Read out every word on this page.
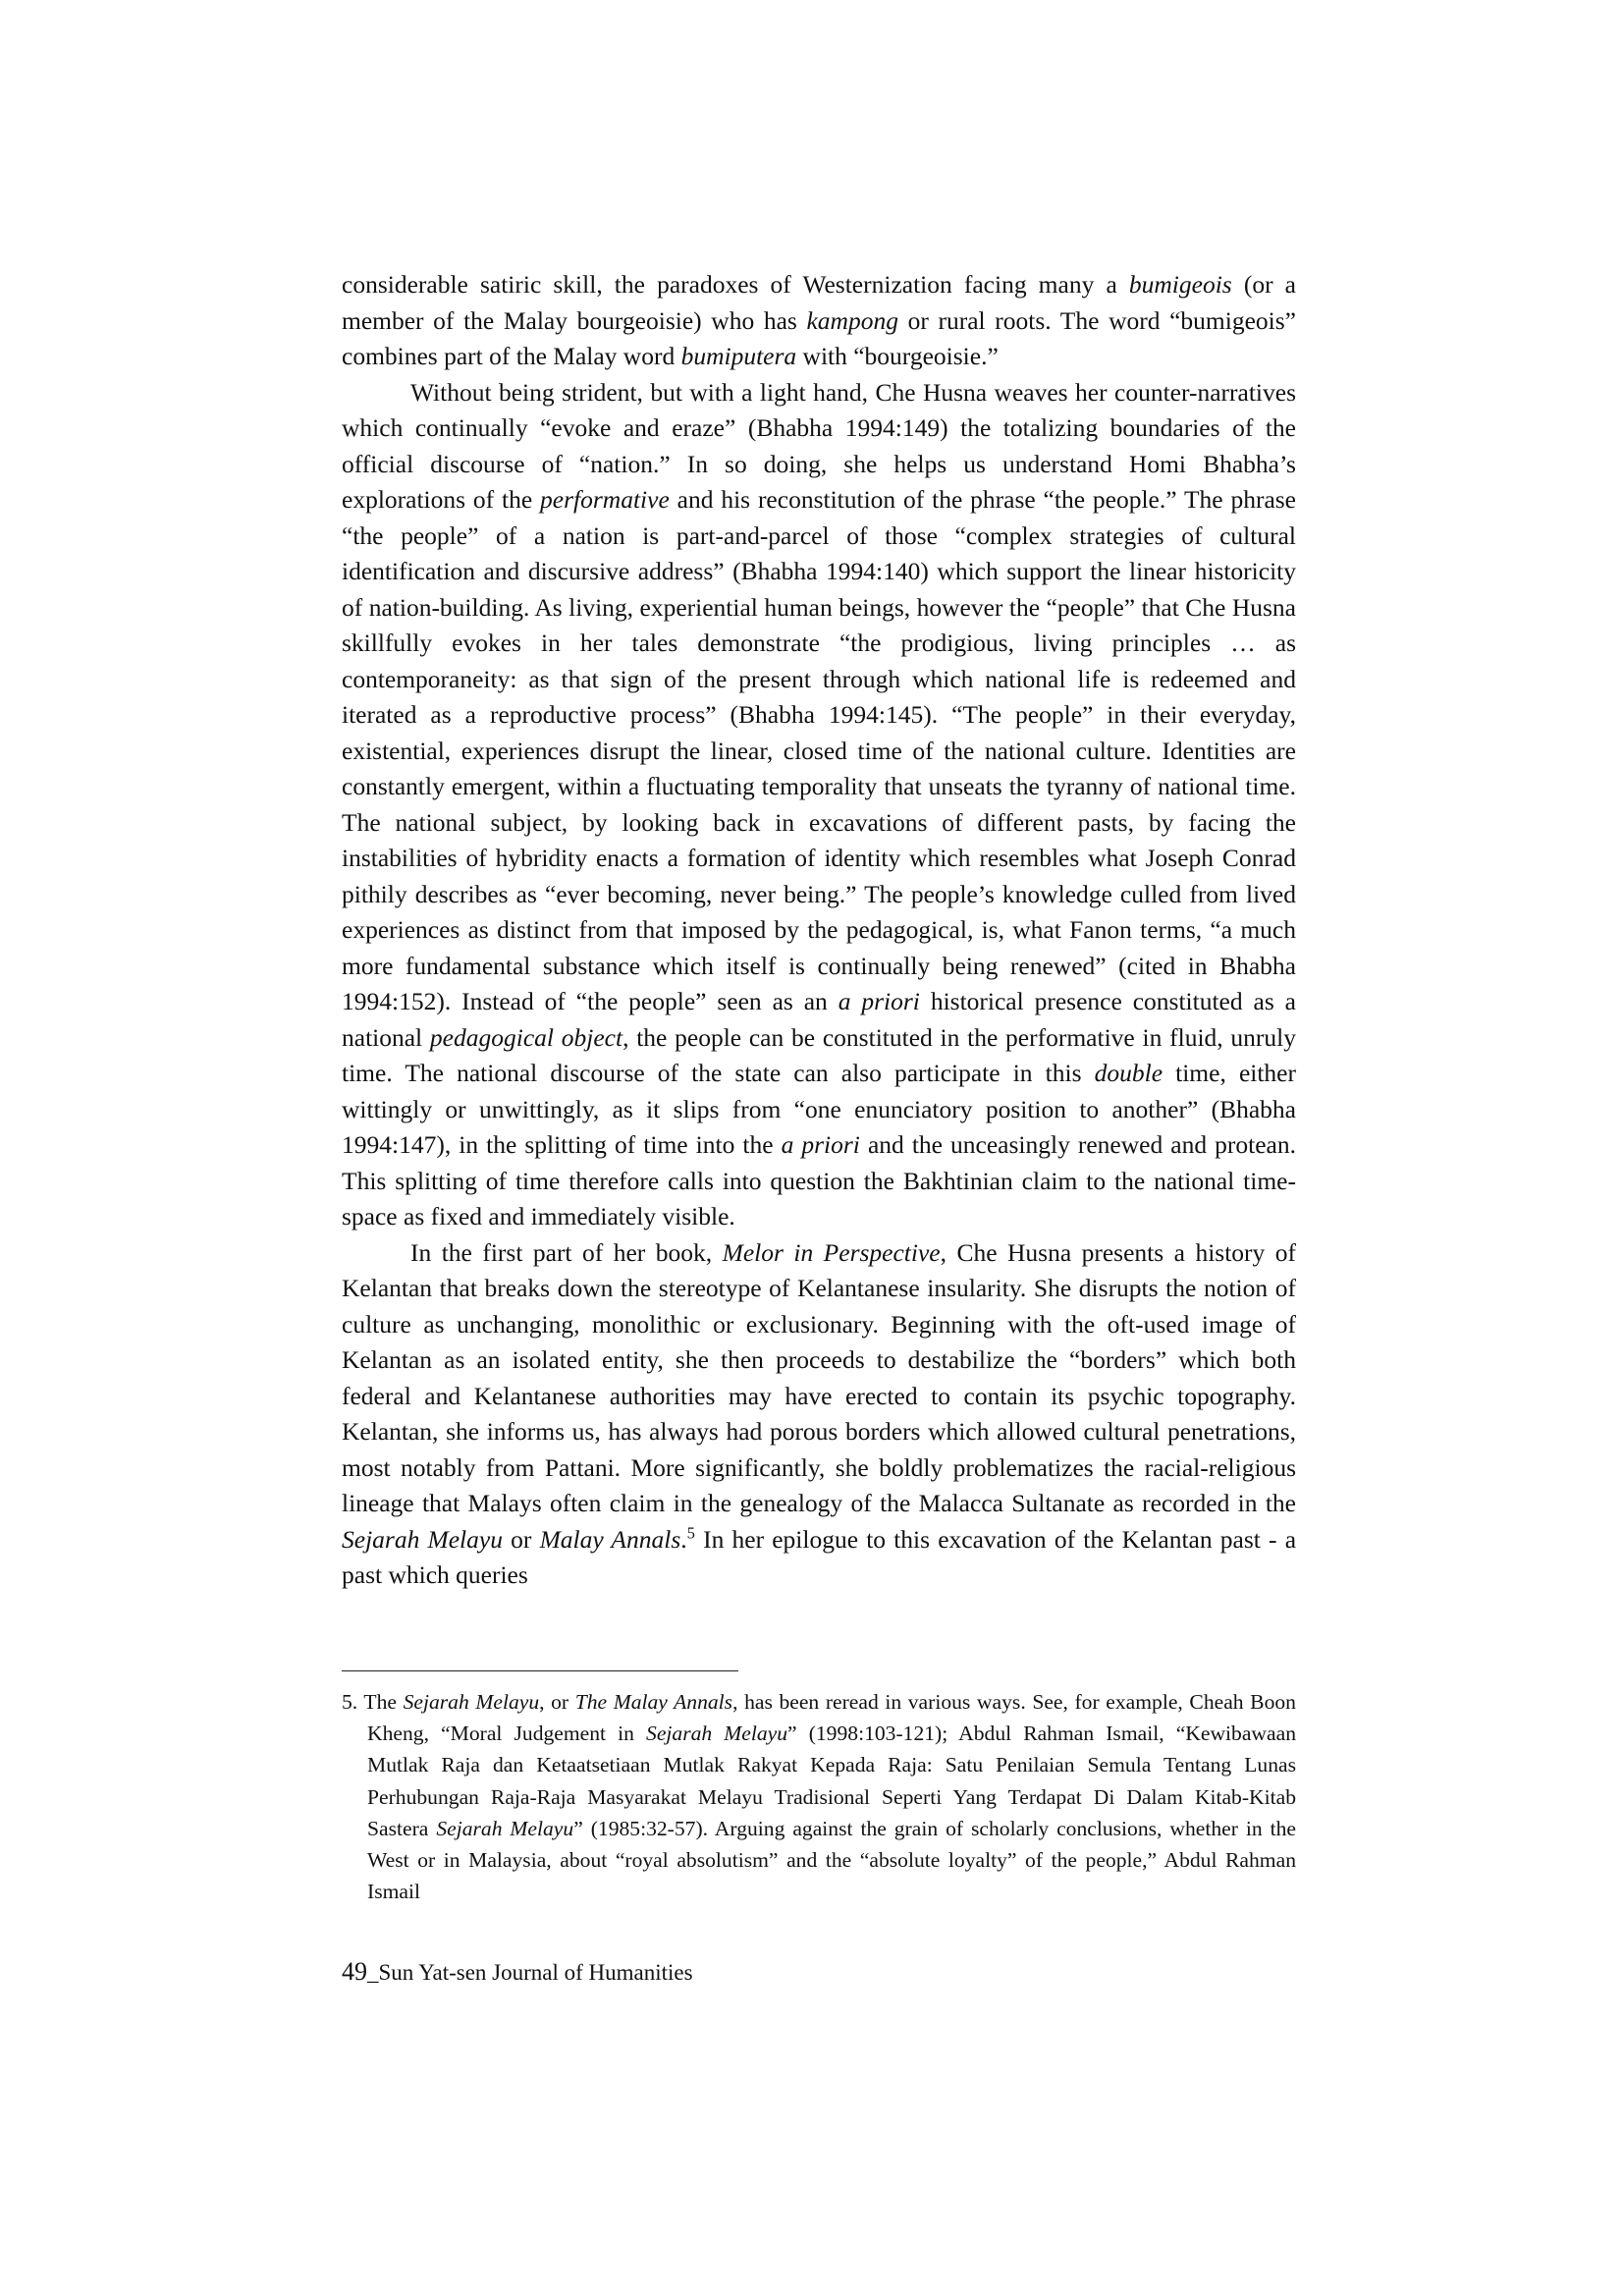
considerable satiric skill, the paradoxes of Westernization facing many a bumigeois (or a member of the Malay bourgeoisie) who has kampong or rural roots. The word “bumigeois” combines part of the Malay word bumiputera with “bourgeoisie.”

Without being strident, but with a light hand, Che Husna weaves her counter-narratives which continually “evoke and eraze” (Bhabha 1994:149) the totalizing boundaries of the official discourse of “nation.” In so doing, she helps us understand Homi Bhabha’s explorations of the performative and his reconstitution of the phrase “the people.” The phrase “the people” of a nation is part-and-parcel of those “complex strategies of cultural identification and discursive address” (Bhabha 1994:140) which support the linear historicity of nation-building. As living, experiential human beings, however the “people” that Che Husna skillfully evokes in her tales demonstrate “the prodigious, living principles … as contemporaneity: as that sign of the present through which national life is redeemed and iterated as a reproductive process” (Bhabha 1994:145). “The people” in their everyday, existential, experiences disrupt the linear, closed time of the national culture. Identities are constantly emergent, within a fluctuating temporality that unseats the tyranny of national time. The national subject, by looking back in excavations of different pasts, by facing the instabilities of hybridity enacts a formation of identity which resembles what Joseph Conrad pithily describes as “ever becoming, never being.” The people’s knowledge culled from lived experiences as distinct from that imposed by the pedagogical, is, what Fanon terms, “a much more fundamental substance which itself is continually being renewed” (cited in Bhabha 1994:152). Instead of “the people” seen as an a priori historical presence constituted as a national pedagogical object, the people can be constituted in the performative in fluid, unruly time. The national discourse of the state can also participate in this double time, either wittingly or unwittingly, as it slips from “one enunciatory position to another” (Bhabha 1994:147), in the splitting of time into the a priori and the unceasingly renewed and protean. This splitting of time therefore calls into question the Bakhtinian claim to the national time-space as fixed and immediately visible.

In the first part of her book, Melor in Perspective, Che Husna presents a history of Kelantan that breaks down the stereotype of Kelantanese insularity. She disrupts the notion of culture as unchanging, monolithic or exclusionary. Beginning with the oft-used image of Kelantan as an isolated entity, she then proceeds to destabilize the “borders” which both federal and Kelantanese authorities may have erected to contain its psychic topography. Kelantan, she informs us, has always had porous borders which allowed cultural penetrations, most notably from Pattani. More significantly, she boldly problematizes the racial-religious lineage that Malays often claim in the genealogy of the Malacca Sultanate as recorded in the Sejarah Melayu or Malay Annals.$^5$ In her epilogue to this excavation of the Kelantan past - a past which queries

5. The Sejarah Melayu, or The Malay Annals, has been reread in various ways. See, for example, Cheah Boon Kheng, “Moral Judgement in Sejarah Melayu” (1998:103-121); Abdul Rahman Ismail, “Kewibawaan Mutlak Raja dan Ketaatsetiaan Mutlak Rakyat Kepada Raja: Satu Penilaian Semula Tentang Lunas Perhubungan Raja-Raja Masyarakat Melayu Tradisional Seperti Yang Terdapat Di Dalam Kitab-Kitab Sastera Sejarah Melayu” (1985:32-57). Arguing against the grain of scholarly conclusions, whether in the West or in Malaysia, about “royal absolutism” and the “absolute loyalty” of the people,” Abdul Rahman Ismail

49_Sun Yat-sen Journal of Humanities
